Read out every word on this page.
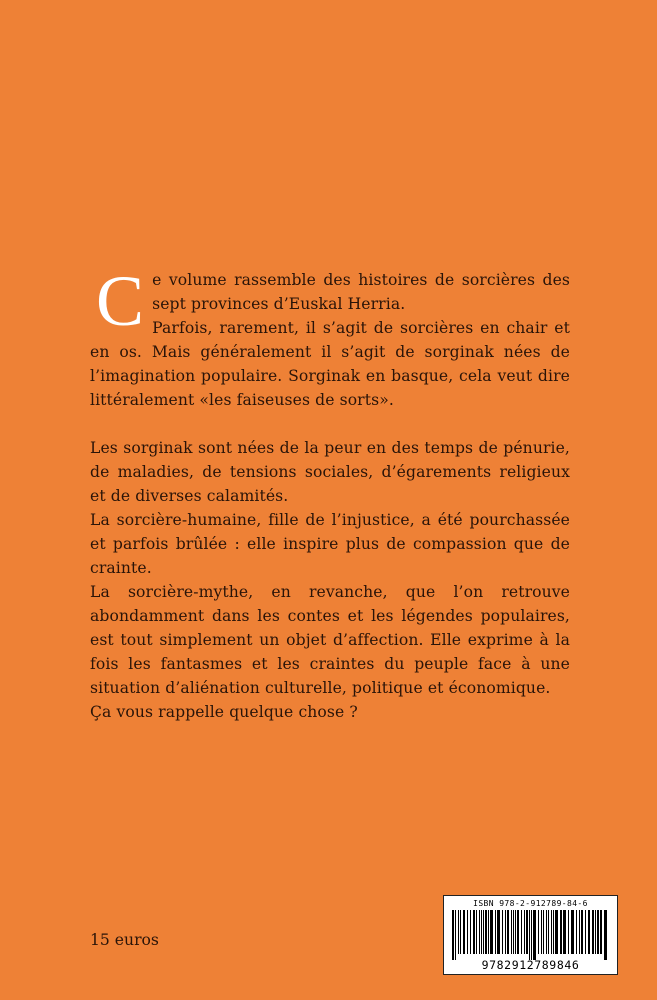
C e volume rassemble des histoires de sorcières des sept provinces d’Euskal Herria.

Parfois, rarement, il s’agit de sorcières en chair et en os. Mais généralement il s’agit de sorginak nées de l’imagination populaire. Sorginak en basque, cela veut dire littéralement «les faiseuses de sorts».

Les sorginak sont nées de la peur en des temps de pénurie, de maladies, de tensions sociales, d’égarements religieux et de diverses calamités.

La sorcière-humaine, fille de l’injustice, a été pourchassée et parfois brûlée : elle inspire plus de compassion que de crainte.

La sorcière-mythe, en revanche, que l’on retrouve abondamment dans les contes et les légendes populaires, est tout simplement un objet d’affection. Elle exprime à la fois les fantasmes et les craintes du peuple face à une situation d’aliénation culturelle, politique et économique.

Ça vous rappelle quelque chose ?

15 euros
ISBN 978-2-912789-84-6
9782912789846
